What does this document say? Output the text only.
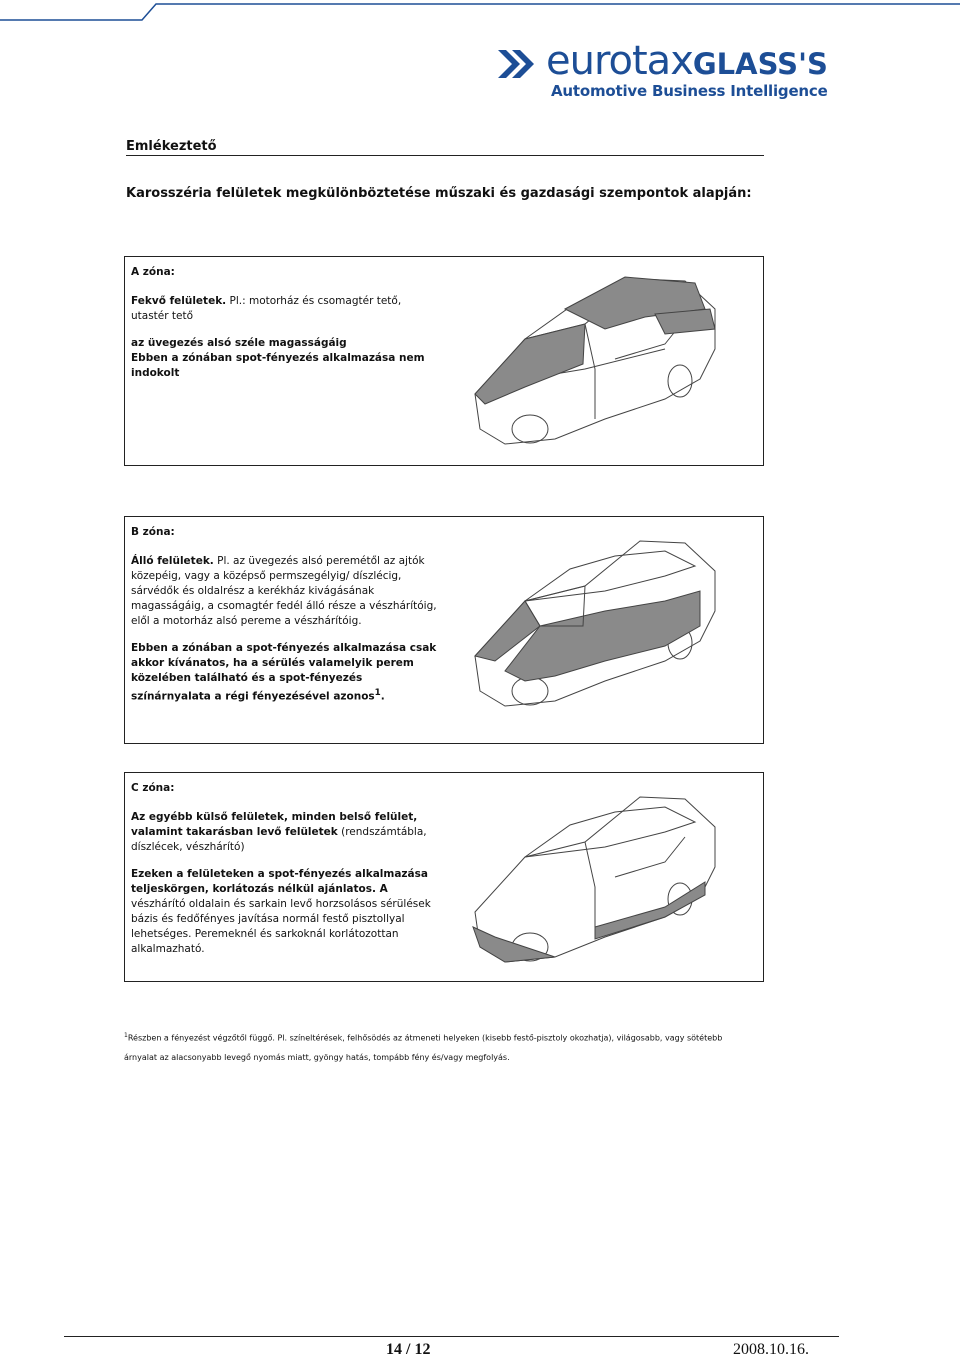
eurotaxGLASS'S
Automotive Business Intelligence
Emlékeztető
Karosszéria felületek megkülönböztetése műszaki és gazdasági szempontok alapján:
A zóna:

Fekvő felületek. Pl.: motorház és csomagtér tető, utastér tető

az üvegezés alsó széle magasságáig
Ebben a zónában spot-fényezés alkalmazása nem indokolt
B zóna:

Álló felületek. Pl. az üvegezés alsó peremétől az ajtók közepéig, vagy a középső permszegélyig/ díszlécig, sárvédők és oldalrész a kerékház kivágásának magasságáig, a csomagtér fedél álló része a vészhárítóig, elől a motorház alsó pereme a vészhárítóig.

Ebben a zónában a spot-fényezés alkalmazása csak akkor kívánatos, ha a sérülés valamelyik perem közelében található és a spot-fényezés színárnyalata a régi fényezésével azonos$^1$.
C zóna:

Az egyébb külső felületek, minden belső felület, valamint takarásban levő felületek (rendszámtábla, díszlécek, vészhárító)

Ezeken a felületeken a spot-fényezés alkalmazása teljeskörgen, korlátozás nélkül ajánlatos. A vészhárító oldalain és sarkain levő horzsolásos sérülések bázis és fedőfényes javítása normál festő pisztollyal lehetséges. Peremeknél és sarkoknál korlátozottan alkalmazható.
$^1$Részben a fényezést végzőtől függő. Pl. színeltérések, felhősödés az átmeneti helyeken (kisebb festő-pisztoly okozhatja), világosabb, vagy sötétebb
árnyalat az alacsonyabb levegő nyomás miatt, gyöngy hatás, tompább fény és/vagy megfolyás.
14 / 12	2008.10.16.
